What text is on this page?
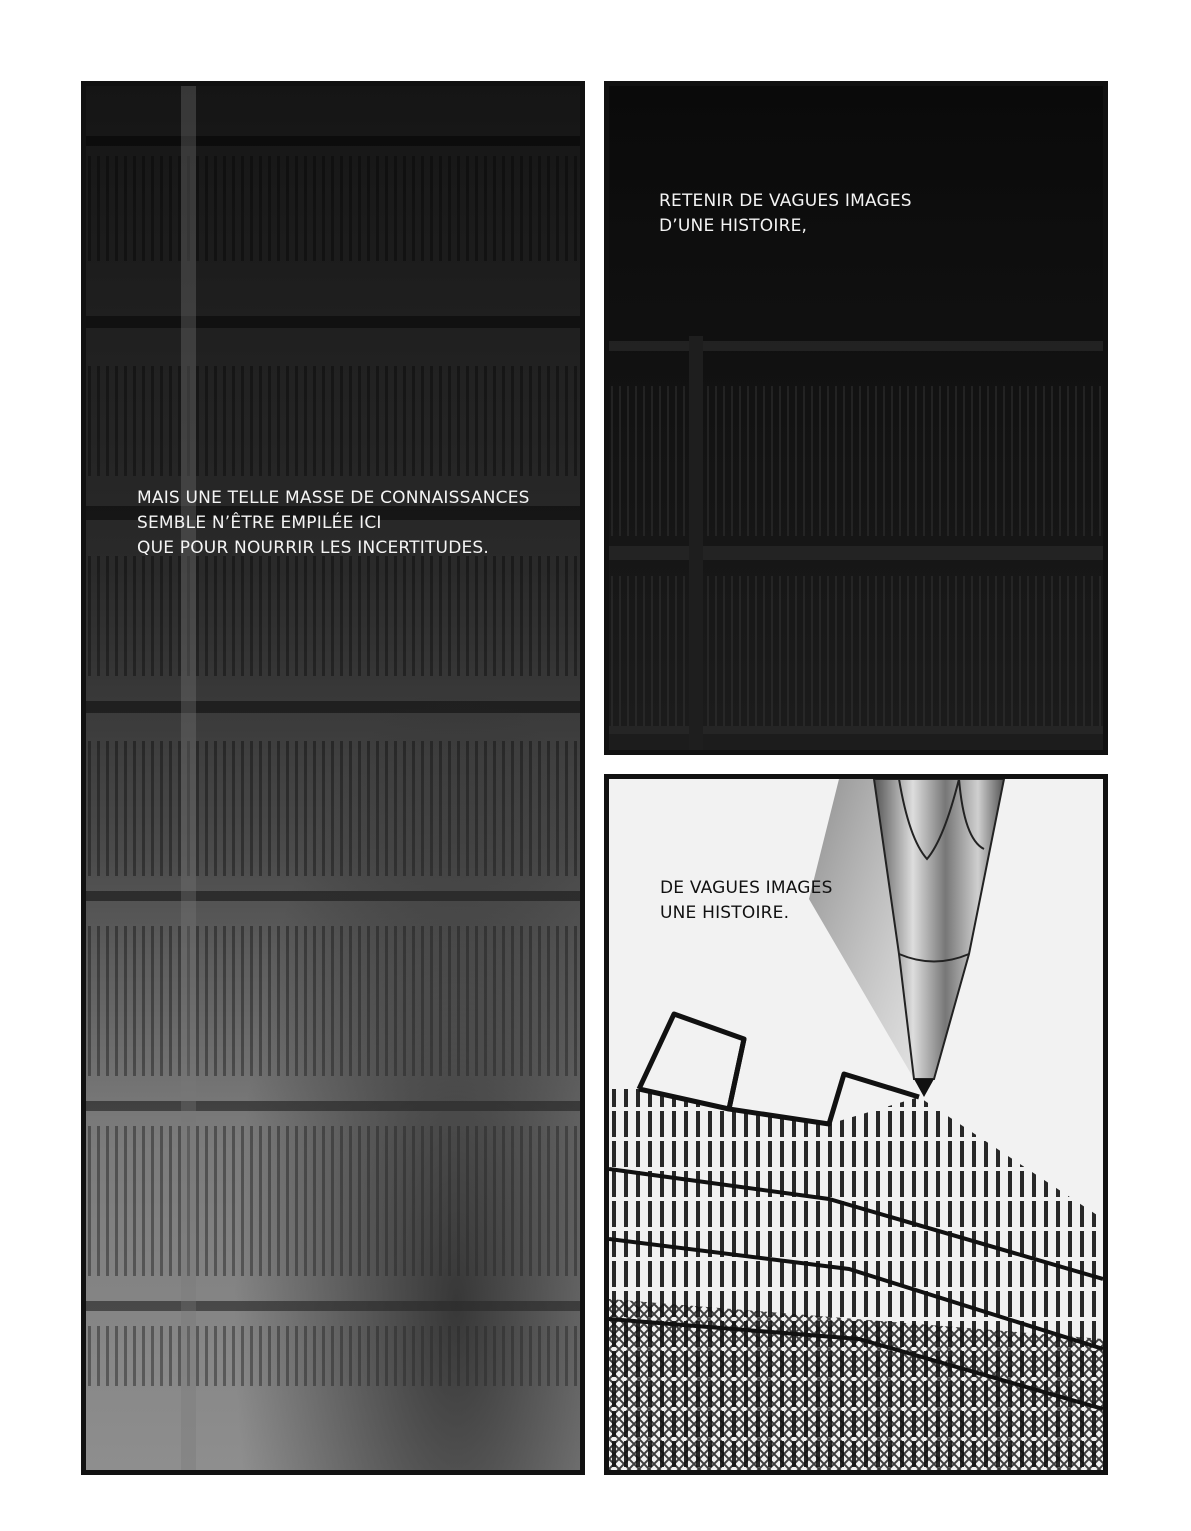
MAIS UNE TELLE MASSE DE CONNAISSANCES
SEMBLE N’ÊTRE EMPILÉE ICI
QUE POUR NOURRIR LES INCERTITUDES.

RETENIR DE VAGUES IMAGES
D’UNE HISTOIRE,

DE VAGUES IMAGES
UNE HISTOIRE.
